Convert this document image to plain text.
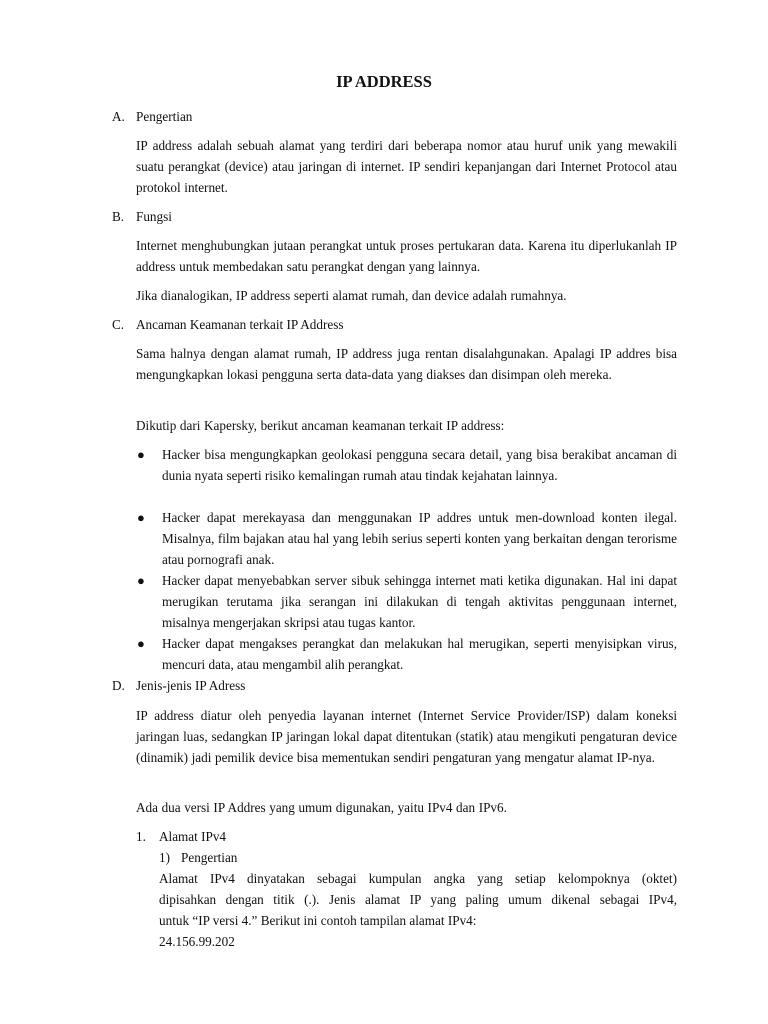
IP ADDRESS
A. Pengertian
IP address adalah sebuah alamat yang terdiri dari beberapa nomor atau huruf unik yang mewakili suatu perangkat (device) atau jaringan di internet. IP sendiri kepanjangan dari Internet Protocol atau protokol internet.
B. Fungsi
Internet menghubungkan jutaan perangkat untuk proses pertukaran data. Karena itu diperlukanlah IP address untuk membedakan satu perangkat dengan yang lainnya.
Jika dianalogikan, IP address seperti alamat rumah, dan device adalah rumahnya.
C. Ancaman Keamanan terkait IP Address
Sama halnya dengan alamat rumah, IP address juga rentan disalahgunakan. Apalagi IP addres bisa mengungkapkan lokasi pengguna serta data-data yang diakses dan disimpan oleh mereka.
Dikutip dari Kapersky, berikut ancaman keamanan terkait IP address:
● Hacker bisa mengungkapkan geolokasi pengguna secara detail, yang bisa berakibat ancaman di dunia nyata seperti risiko kemalingan rumah atau tindak kejahatan lainnya.
● Hacker dapat merekayasa dan menggunakan IP addres untuk men-download konten ilegal. Misalnya, film bajakan atau hal yang lebih serius seperti konten yang berkaitan dengan terorisme atau pornografi anak.
● Hacker dapat menyebabkan server sibuk sehingga internet mati ketika digunakan. Hal ini dapat merugikan terutama jika serangan ini dilakukan di tengah aktivitas penggunaan internet, misalnya mengerjakan skripsi atau tugas kantor.
● Hacker dapat mengakses perangkat dan melakukan hal merugikan, seperti menyisipkan virus, mencuri data, atau mengambil alih perangkat.
D. Jenis-jenis IP Adress
IP address diatur oleh penyedia layanan internet (Internet Service Provider/ISP) dalam koneksi jaringan luas, sedangkan IP jaringan lokal dapat ditentukan (statik) atau mengikuti pengaturan device (dinamik) jadi pemilik device bisa mementukan sendiri pengaturan yang mengatur alamat IP-nya.
Ada dua versi IP Addres yang umum digunakan, yaitu IPv4 dan IPv6.
1. Alamat IPv4
1) Pengertian
Alamat IPv4 dinyatakan sebagai kumpulan angka yang setiap kelompoknya (oktet)
dipisahkan dengan titik (.). Jenis alamat IP yang paling umum dikenal sebagai IPv4,
untuk “IP versi 4.” Berikut ini contoh tampilan alamat IPv4:
24.156.99.202
